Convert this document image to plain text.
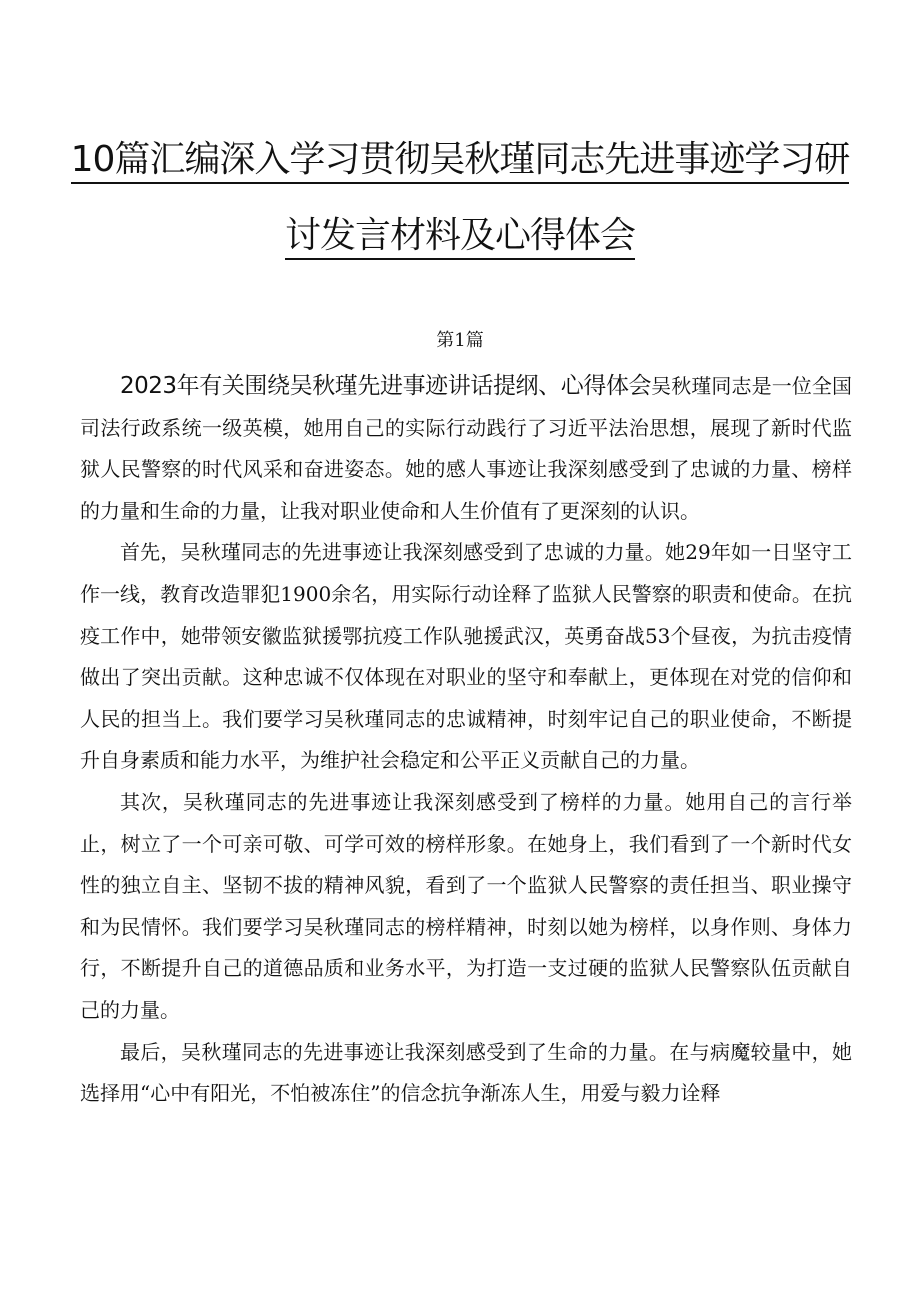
10篇汇编深入学习贯彻吴秋瑾同志先进事迹学习研
讨发言材料及心得体会
第1篇

2023年有关围绕吴秋瑾先进事迹讲话提纲、心得体会吴秋瑾同志是一位全国司法行政系统一级英模，她用自己的实际行动践行了习近平法治思想，展现了新时代监狱人民警察的时代风采和奋进姿态。她的感人事迹让我深刻感受到了忠诚的力量、榜样的力量和生命的力量，让我对职业使命和人生价值有了更深刻的认识。

首先，吴秋瑾同志的先进事迹让我深刻感受到了忠诚的力量。她29年如一日坚守工作一线，教育改造罪犯1900余名，用实际行动诠释了监狱人民警察的职责和使命。在抗疫工作中，她带领安徽监狱援鄂抗疫工作队驰援武汉，英勇奋战53个昼夜，为抗击疫情做出了突出贡献。这种忠诚不仅体现在对职业的坚守和奉献上，更体现在对党的信仰和人民的担当上。我们要学习吴秋瑾同志的忠诚精神，时刻牢记自己的职业使命，不断提升自身素质和能力水平，为维护社会稳定和公平正义贡献自己的力量。

其次，吴秋瑾同志的先进事迹让我深刻感受到了榜样的力量。她用自己的言行举止，树立了一个可亲可敬、可学可效的榜样形象。在她身上，我们看到了一个新时代女性的独立自主、坚韧不拔的精神风貌，看到了一个监狱人民警察的责任担当、职业操守和为民情怀。我们要学习吴秋瑾同志的榜样精神，时刻以她为榜样，以身作则、身体力行，不断提升自己的道德品质和业务水平，为打造一支过硬的监狱人民警察队伍贡献自己的力量。

最后，吴秋瑾同志的先进事迹让我深刻感受到了生命的力量。在与病魔较量中，她选择用“心中有阳光，不怕被冻住”的信念抗争渐冻人生，用爱与毅力诠释
